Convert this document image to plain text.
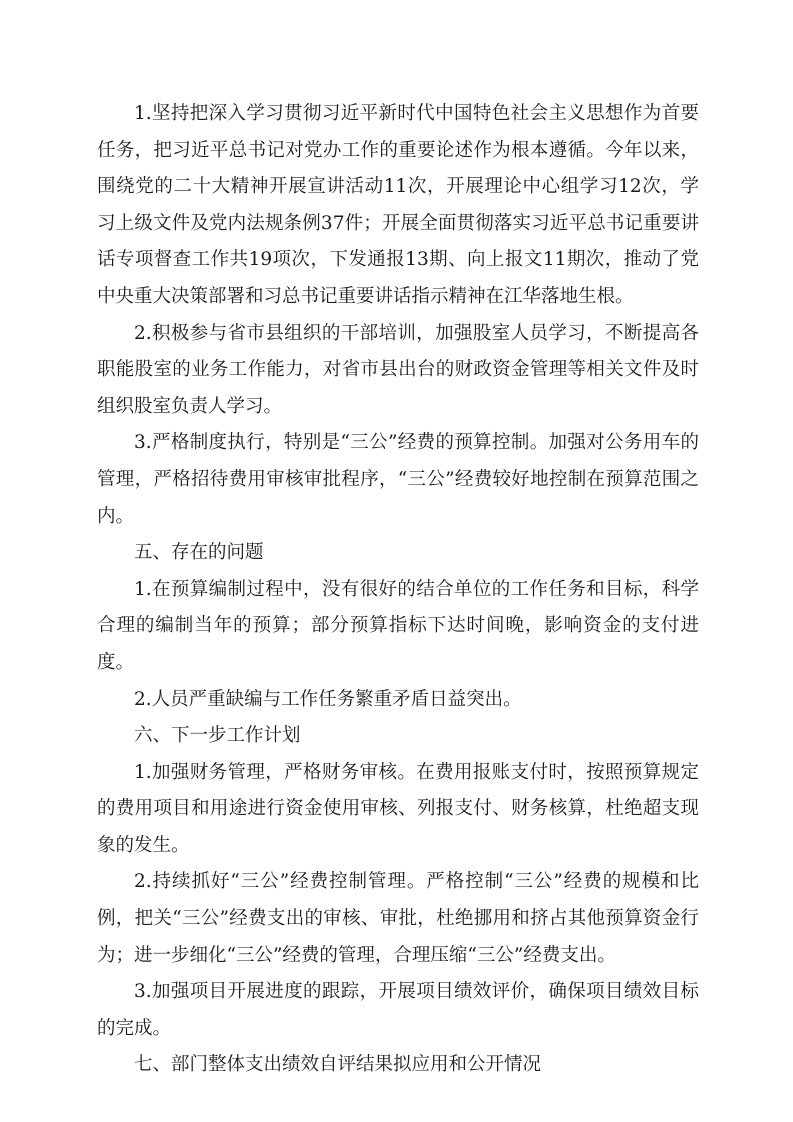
1.坚持把深入学习贯彻习近平新时代中国特色社会主义思想作为首要任务，把习近平总书记对党办工作的重要论述作为根本遵循。今年以来，围绕党的二十大精神开展宣讲活动11次，开展理论中心组学习12次，学习上级文件及党内法规条例37件；开展全面贯彻落实习近平总书记重要讲话专项督查工作共19项次，下发通报13期、向上报文11期次，推动了党中央重大决策部署和习总书记重要讲话指示精神在江华落地生根。

2.积极参与省市县组织的干部培训，加强股室人员学习，不断提高各职能股室的业务工作能力，对省市县出台的财政资金管理等相关文件及时组织股室负责人学习。

3.严格制度执行，特别是“三公”经费的预算控制。加强对公务用车的管理，严格招待费用审核审批程序，“三公”经费较好地控制在预算范围之内。

五、存在的问题

1.在预算编制过程中，没有很好的结合单位的工作任务和目标，科学合理的编制当年的预算；部分预算指标下达时间晚，影响资金的支付进度。

2.人员严重缺编与工作任务繁重矛盾日益突出。

六、下一步工作计划

1.加强财务管理，严格财务审核。在费用报账支付时，按照预算规定的费用项目和用途进行资金使用审核、列报支付、财务核算，杜绝超支现象的发生。

2.持续抓好“三公”经费控制管理。严格控制“三公”经费的规模和比例，把关“三公”经费支出的审核、审批，杜绝挪用和挤占其他预算资金行为；进一步细化“三公”经费的管理，合理压缩“三公”经费支出。

3.加强项目开展进度的跟踪，开展项目绩效评价，确保项目绩效目标的完成。

七、部门整体支出绩效自评结果拟应用和公开情况
